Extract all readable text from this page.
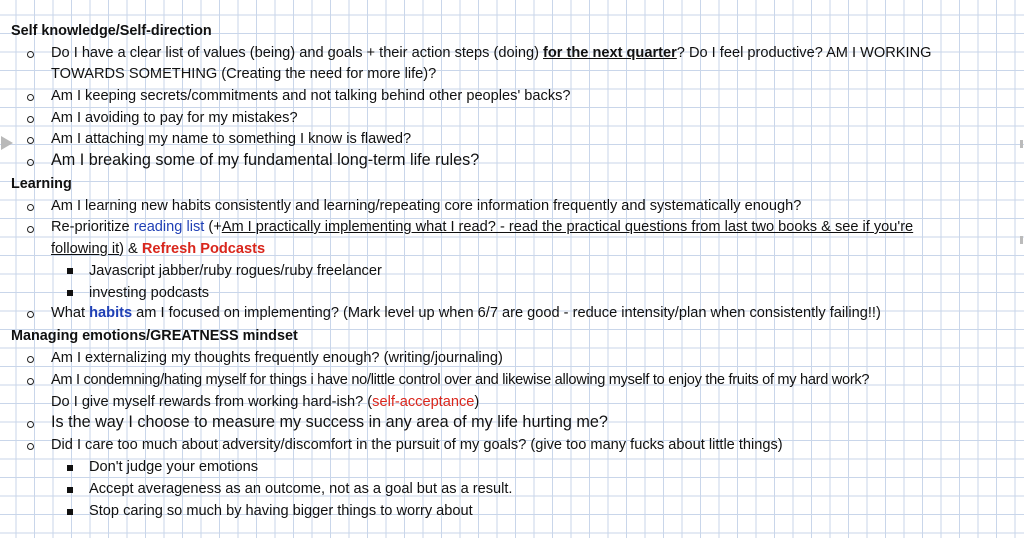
Self knowledge/Self-direction
Do I have a clear list of values (being) and goals + their action steps (doing) for the next quarter? Do I feel productive? AM I WORKING
TOWARDS SOMETHING (Creating the need for more life)?
Am I keeping secrets/commitments and not talking behind other peoples' backs?
Am I avoiding to pay for my mistakes?
Am I attaching my name to something I know is flawed?
Am I breaking some of my fundamental long-term life rules?
Learning
Am I learning new habits consistently and learning/repeating core information frequently and systematically enough?
Re-prioritize reading list (+Am I practically implementing what I read? - read the practical questions from last two books & see if you're
following it) & Refresh Podcasts
Javascript jabber/ruby rogues/ruby freelancer
investing podcasts
What habits am I focused on implementing? (Mark level up when 6/7 are good - reduce intensity/plan when consistently failing!!)
Managing emotions/GREATNESS mindset
Am I externalizing my thoughts frequently enough? (writing/journaling)
Am I condemning/hating myself for things i have no/little control over and likewise allowing myself to enjoy the fruits of my hard work?
Do I give myself rewards from working hard-ish? (self-acceptance)
Is the way I choose to measure my success in any area of my life hurting me?
Did I care too much about adversity/discomfort in the pursuit of my goals? (give too many fucks about little things)
Don't judge your emotions
Accept averageness as an outcome, not as a goal but as a result.
Stop caring so much by having bigger things to worry about
